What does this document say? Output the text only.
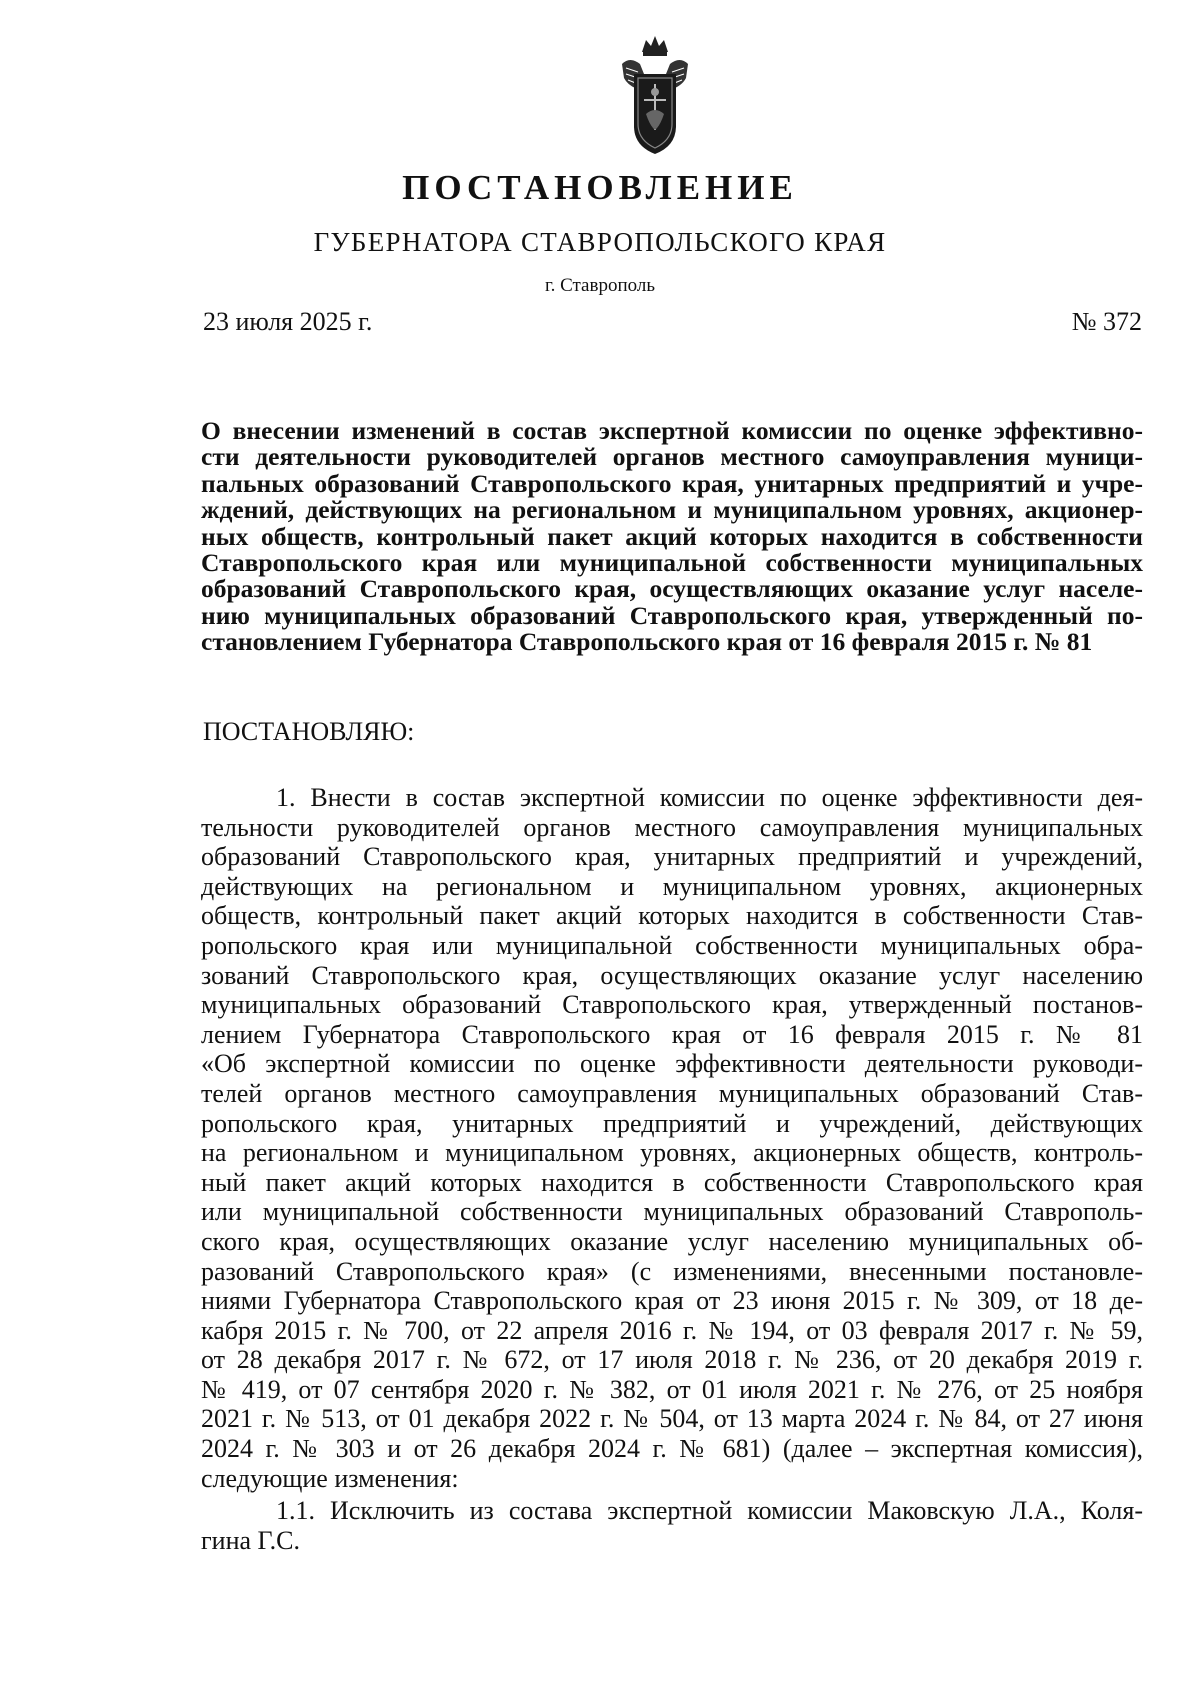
ПОСТАНОВЛЕНИЕ
ГУБЕРНАТОРА СТАВРОПОЛЬСКОГО КРАЯ
г. Ставрополь
23 июля 2025 г.	№ 372
О внесении изменений в состав экспертной комиссии по оценке эффективно-
сти деятельности руководителей органов местного самоуправления муници-
пальных образований Ставропольского края, унитарных предприятий и учре-
ждений, действующих на региональном и муниципальном уровнях, акционер-
ных обществ, контрольный пакет акций которых находится в собственности
Ставропольского края или муниципальной собственности муниципальных
образований Ставропольского края, осуществляющих оказание услуг населе-
нию муниципальных образований Ставропольского края, утвержденный по-
становлением Губернатора Ставропольского края от 16 февраля 2015 г. № 81
ПОСТАНОВЛЯЮ:
1. Внести в состав экспертной комиссии по оценке эффективности дея-
тельности руководителей органов местного самоуправления муниципальных
образований Ставропольского края, унитарных предприятий и учреждений,
действующих на региональном и муниципальном уровнях, акционерных
обществ, контрольный пакет акций которых находится в собственности Став-
ропольского края или муниципальной собственности муниципальных обра-
зований Ставропольского края, осуществляющих оказание услуг населению
муниципальных образований Ставропольского края, утвержденный постанов-
лением Губернатора Ставропольского края от 16 февраля 2015 г. № 81
«Об экспертной комиссии по оценке эффективности деятельности руководи-
телей органов местного самоуправления муниципальных образований Став-
ропольского края, унитарных предприятий и учреждений, действующих
на региональном и муниципальном уровнях, акционерных обществ, контроль-
ный пакет акций которых находится в собственности Ставропольского края
или муниципальной собственности муниципальных образований Ставрополь-
ского края, осуществляющих оказание услуг населению муниципальных об-
разований Ставропольского края» (с изменениями, внесенными постановле-
ниями Губернатора Ставропольского края от 23 июня 2015 г. № 309, от 18 де-
кабря 2015 г. № 700, от 22 апреля 2016 г. № 194, от 03 февраля 2017 г. № 59,
от 28 декабря 2017 г. № 672, от 17 июля 2018 г. № 236, от 20 декабря 2019 г.
№ 419, от 07 сентября 2020 г. № 382, от 01 июля 2021 г. № 276, от 25 ноября
2021 г. № 513, от 01 декабря 2022 г. № 504, от 13 марта 2024 г. № 84, от 27 июня
2024 г. № 303 и от 26 декабря 2024 г. № 681) (далее – экспертная комиссия),
следующие изменения:
1.1. Исключить из состава экспертной комиссии Маковскую Л.А., Коля-
гина Г.С.
